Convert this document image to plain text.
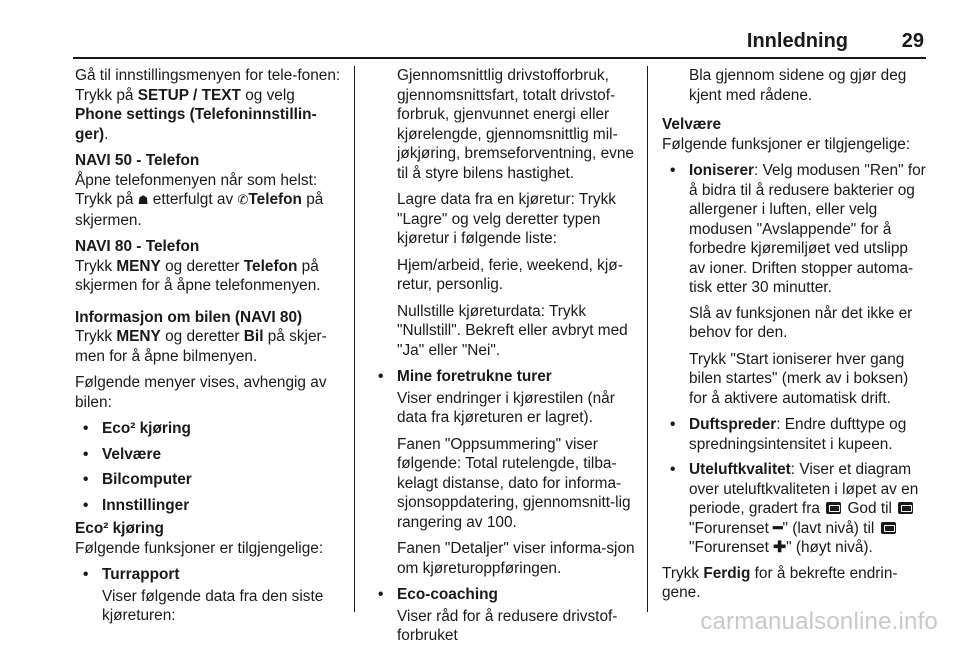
Innledning	29

Gå til innstillingsmenyen for tele-fonen: Trykk på SETUP / TEXT og velg Phone settings (Telefoninnstillin-ger).

NAVI 50 - Telefon

Åpne telefonmenyen når som helst: Trykk på ☗ etterfulgt av ✆Telefon på skjermen.

NAVI 80 - Telefon

Trykk MENY og deretter Telefon på skjermen for å åpne telefonmenyen.

Informasjon om bilen (NAVI 80)

Trykk MENY og deretter Bil på skjer-men for å åpne bilmenyen.

Følgende menyer vises, avhengig av bilen:

• Eco² kjøring
• Velvære
• Bilcomputer
• Innstillinger

Eco² kjøring

Følgende funksjoner er tilgjengelige:

• Turrapport

Viser følgende data fra den siste kjøreturen:

Gjennomsnittlig drivstofforbruk, gjennomsnittsfart, totalt drivstof-forbruk, gjenvunnet energi eller kjørelengde, gjennomsnittlig mil-jøkjøring, bremseforventning, evne til å styre bilens hastighet.

Lagre data fra en kjøretur: Trykk "Lagre" og velg deretter typen kjøretur i følgende liste:

Hjem/arbeid, ferie, weekend, kjø-retur, personlig.

Nullstille kjøreturdata: Trykk "Nullstill". Bekreft eller avbryt med "Ja" eller "Nei".

• Mine foretrukne turer

Viser endringer i kjørestilen (når data fra kjøreturen er lagret).

Fanen "Oppsummering" viser følgende: Total rutelengde, tilba-kelagt distanse, dato for informa-sjonsoppdatering, gjennomsnitt-lig rangering av 100.

Fanen "Detaljer" viser informa-sjon om kjøreturoppføringen.

• Eco-coaching

Viser råd for å redusere drivstof-forbruket

Bla gjennom sidene og gjør deg kjent med rådene.

Velvære

Følgende funksjoner er tilgjengelige:

• Ioniserer: Velg modusen "Ren" for å bidra til å redusere bakterier og allergener i luften, eller velg modusen "Avslappende" for å forbedre kjøremiljøet ved utslipp av ioner. Driften stopper automa-tisk etter 30 minutter.

Slå av funksjonen når det ikke er behov for den.

Trykk "Start ioniserer hver gang bilen startes" (merk av i boksen) for å aktivere automatisk drift.

• Duftspreder: Endre dufttype og spredningsintensitet i kupeen.
• Uteluftkvalitet: Viser et diagram over uteluftkvaliteten i løpet av en periode, gradert fra  God til  "Forurenset ━" (lavt nivå) til  "Forurenset ✚" (høyt nivå).

Trykk Ferdig for å bekrefte endrin-gene.

carmanualsonline.info
